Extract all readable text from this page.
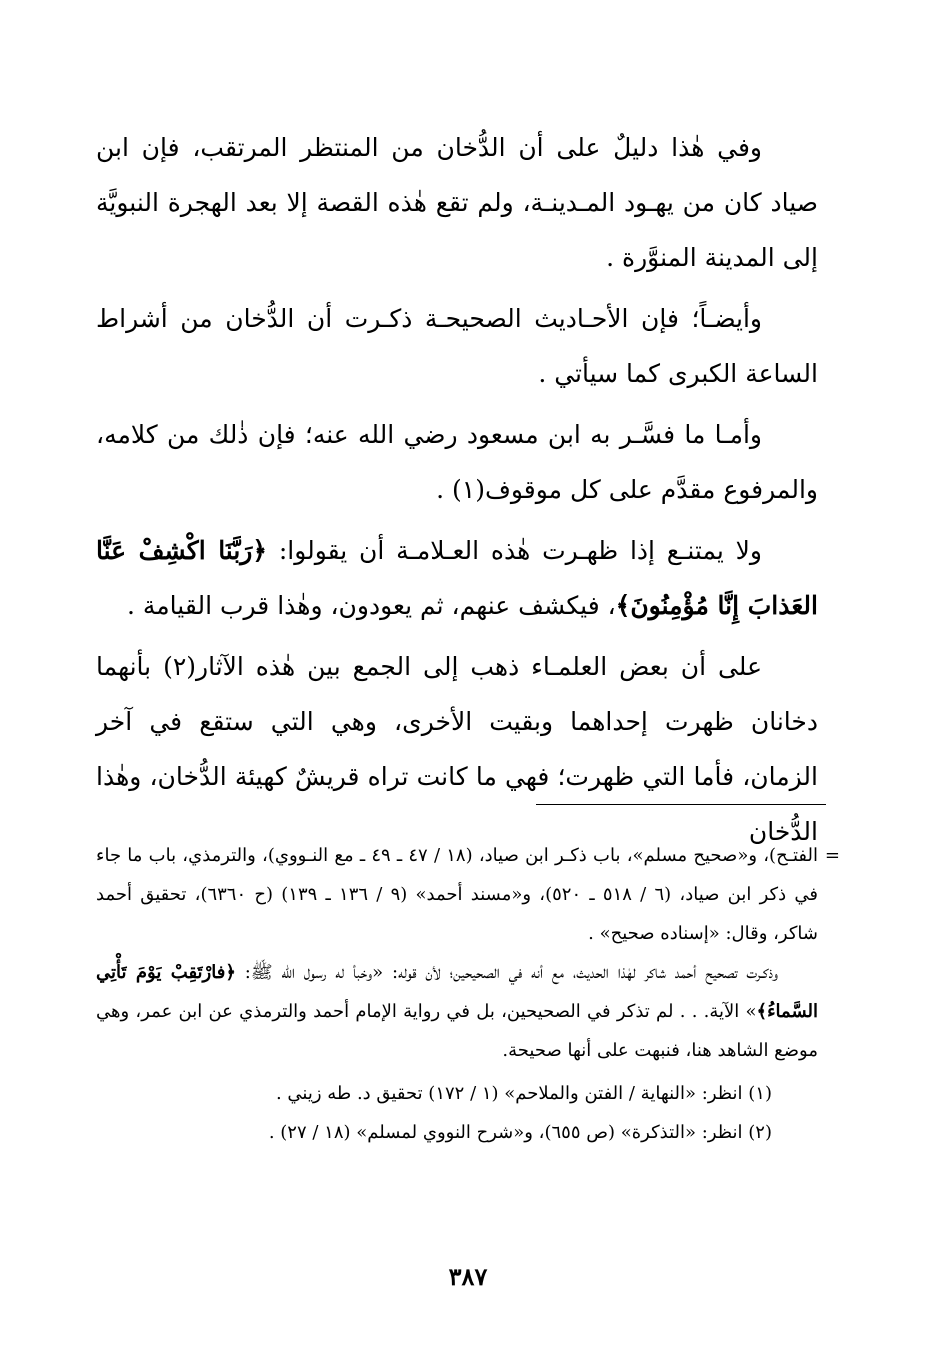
وفي هٰذا دليلٌ على أن الدُّخان من المنتظر المرتقب، فإن ابن صياد كان من يهـود المـدينـة، ولم تقع هٰذه القصة إلا بعد الهجرة النبويَّة إلى المدينة المنوَّرة .

وأيضـاً؛ فإن الأحـاديث الصحيحـة ذكـرت أن الدُّخان من أشراط الساعة الكبرى كما سيأتي .

وأمـا ما فسَّـر به ابن مسعود رضي الله عنه؛ فإن ذٰلك من كلامه، والمرفوع مقدَّم على كل موقوف(١) .

ولا يمتنـع إذا ظهـرت هٰذه العـلامـة أن يقولوا: ﴿رَبَّنَا اكْشِفْ عَنَّا العَذابَ إِنَّا مُؤْمِنُونَ﴾، فيكشف عنهم، ثم يعودون، وهٰذا قرب القيامة .

على أن بعض العلمـاء ذهب إلى الجمع بين هٰذه الآثار(٢) بأنهما دخانان ظهرت إحداهما وبقيت الأخرى، وهي التي ستقع في آخر الزمان، فأما التي ظهرت؛ فهي ما كانت تراه قريشٌ كهيئة الدُّخان، وهٰذا الدُّخان

=
الفتـح)، و«صحيح مسلم»، باب ذكـر ابن صياد، (١٨ / ٤٧ ـ ٤٩ ـ مع النـووي)، والترمذي، باب ما جاء في ذكر ابن صياد، (٦ / ٥١٨ ـ ٥٢٠)، و«مسند أحمد» (٩ / ١٣٦ ـ ١٣٩) (ح ٦٣٦٠)، تحقيق أحمد شاكر، وقال: «إسناده صحيح» .

وذكـرت تصحيح أحمد شاكر لهٰذا الحديث، مع أنه في الصحيحين؛ لأن قوله: «وخبأ له رسول الله ﷺ: ﴿فارْتَقِبْ يَوْمَ تَأْتِي السَّماءُ﴾» الآية. . . لم تذكر في الصحيحين، بل في رواية الإمام أحمد والترمذي عن ابن عمر، وهي موضع الشاهد هنا، فنبهت على أنها صحيحة.

(١) انظر: «النهاية / الفتن والملاحم» (١ / ١٧٢) تحقيق د. طه زيني .

(٢) انظر: «التذكرة» (ص ٦٥٥)، و«شرح النووي لمسلم» (١٨ / ٢٧) .

٣٨٧
